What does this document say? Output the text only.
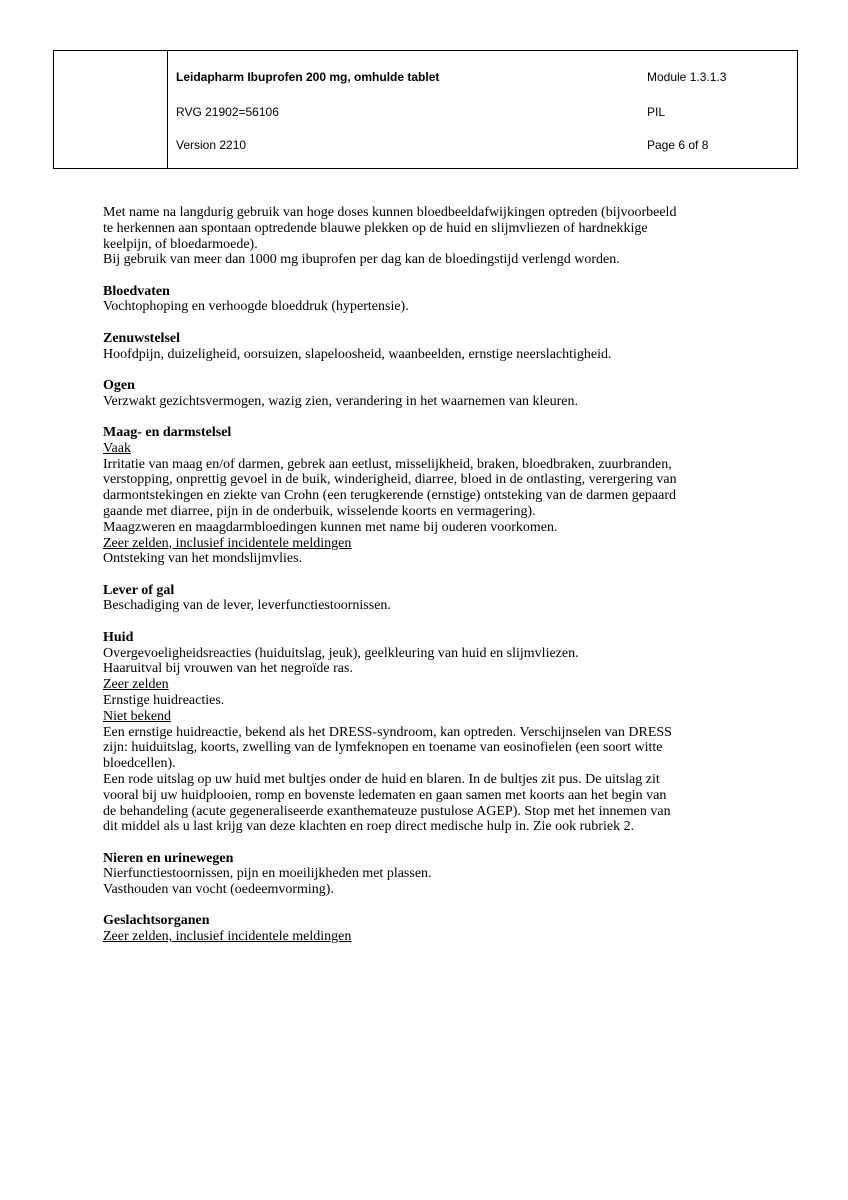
Leidapharm Ibuprofen 200 mg, omhulde tablet
RVG 21902=56106
Version 2210
Module 1.3.1.3
PIL
Page 6 of 8

Met name na langdurig gebruik van hoge doses kunnen bloedbeeldafwijkingen optreden (bijvoorbeeld

te herkennen aan spontaan optredende blauwe plekken op de huid en slijmvliezen of hardnekkige

keelpijn, of bloedarmoede).

Bij gebruik van meer dan 1000 mg ibuprofen per dag kan de bloedingstijd verlengd worden.

Bloedvaten

Vochtophoping en verhoogde bloeddruk (hypertensie).

Zenuwstelsel

Hoofdpijn, duizeligheid, oorsuizen, slapeloosheid, waanbeelden, ernstige neerslachtigheid.

Ogen

Verzwakt gezichtsvermogen, wazig zien, verandering in het waarnemen van kleuren.

Maag- en darmstelsel

Vaak

Irritatie van maag en/of darmen, gebrek aan eetlust, misselijkheid, braken, bloedbraken, zuurbranden,

verstopping, onprettig gevoel in de buik, winderigheid, diarree, bloed in de ontlasting, verergering van

darmontstekingen en ziekte van Crohn (een terugkerende (ernstige) ontsteking van de darmen gepaard

gaande met diarree, pijn in de onderbuik, wisselende koorts en vermagering).

Maagzweren en maagdarmbloedingen kunnen met name bij ouderen voorkomen.

Zeer zelden, inclusief incidentele meldingen

Ontsteking van het mondslijmvlies.

Lever of gal

Beschadiging van de lever, leverfunctiestoornissen.

Huid

Overgevoeligheidsreacties (huiduitslag, jeuk), geelkleuring van huid en slijmvliezen.

Haaruitval bij vrouwen van het negroïde ras.

Zeer zelden

Ernstige huidreacties.

Niet bekend

Een ernstige huidreactie, bekend als het DRESS-syndroom, kan optreden. Verschijnselen van DRESS

zijn: huiduitslag, koorts, zwelling van de lymfeknopen en toename van eosinofielen (een soort witte

bloedcellen).

Een rode uitslag op uw huid met bultjes onder de huid en blaren. In de bultjes zit pus. De uitslag zit

vooral bij uw huidplooien, romp en bovenste ledematen en gaan samen met koorts aan het begin van

de behandeling (acute gegeneraliseerde exanthematеuze pustulose AGEP). Stop met het innemen van

dit middel als u last krijg van deze klachten en roep direct medische hulp in. Zie ook rubriek 2.

Nieren en urinewegen

Nierfunctiestoornissen, pijn en moeilijkheden met plassen.

Vasthouden van vocht (oedeemvorming).

Geslachtsorganen

Zeer zelden, inclusief incidentele meldingen
